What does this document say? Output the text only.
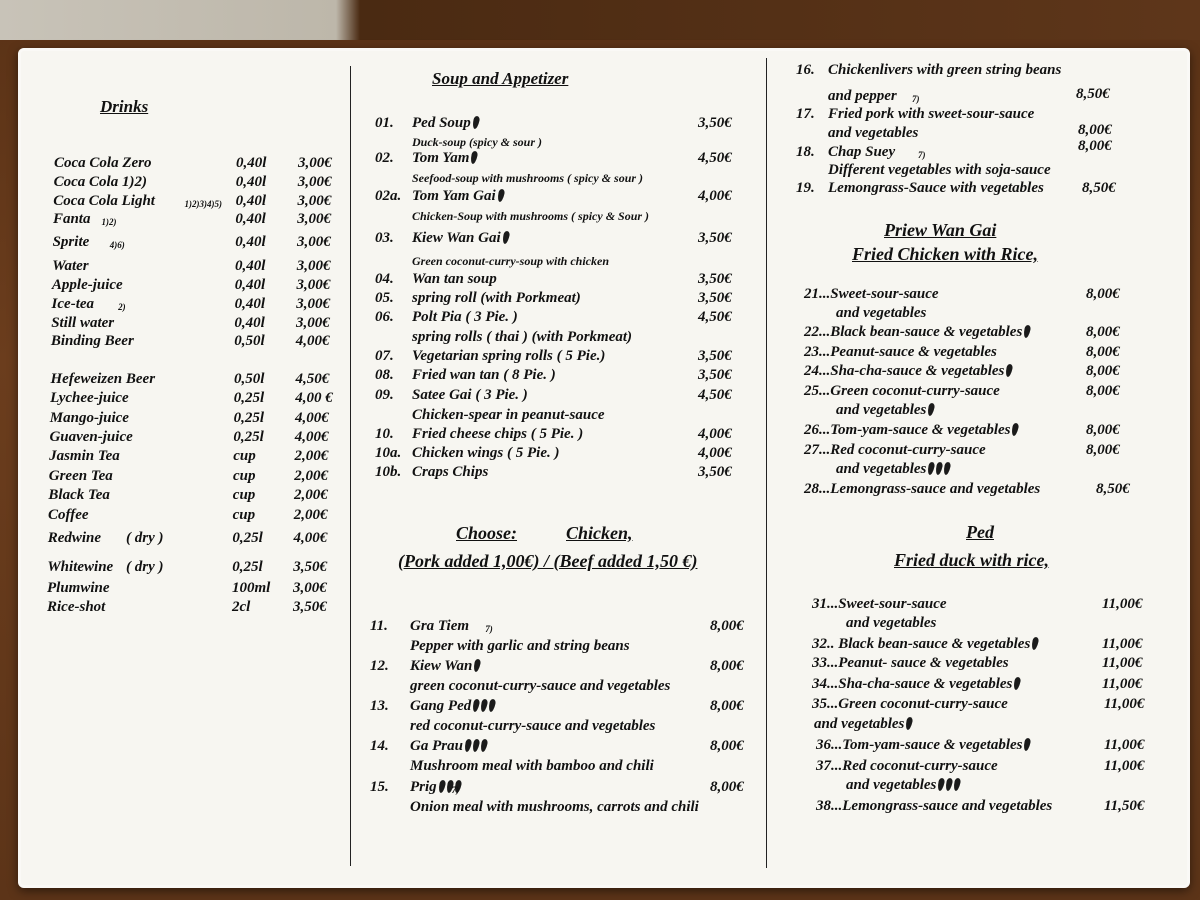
Drinks
Coca Cola Zero	0,40l 3,00€
Coca Cola 1)2)	0,40l 3,00€
Coca Cola Light	1)2)3)4)5) 0,40l 3,00€
Fanta 1)2)	0,40l 3,00€
Sprite 4)6)	0,40l 3,00€
Water	0,40l 3,00€
Apple-juice	0,40l 3,00€
Ice-tea	2)	0,40l 3,00€
Still water	0,40l 3,00€
Binding Beer	0,50l 4,00€
Hefeweizen Beer	0,50l 4,50€
Lychee-juice	0,25l 4,00 €
Mango-juice	0,25l 4,00€
Guaven-juice	0,25l 4,00€
Jasmin Tea	cup	2,00€
Green Tea	cup	2,00€
Black Tea	cup	2,00€
Coffee	cup	2,00€
Redwine ( dry )	0,25l 4,00€
Whitewine ( dry )	0,25l 3,50€
Plumwine	100ml 3,00€
Rice-shot	2cl	3,50€
Soup and Appetizer
01. Ped Soup	3,50€
Duck-soup (spicy & sour )
02. Tom Yam	4,50€
Seefood-soup with mushrooms ( spicy & sour )
02a. Tom Yam Gai	4,00€
Chicken-Soup with mushrooms ( spicy & Sour )
03. Kiew Wan Gai	3,50€
Green coconut-curry-soup with chicken
04. Wan tan soup	3,50€
05. spring roll (with Porkmeat)	3,50€
06. Polt Pia ( 3 Pie. )	4,50€
spring rolls ( thai ) (with Porkmeat)
07. Vegetarian spring rolls ( 5 Pie.)	3,50€
08. Fried wan tan ( 8 Pie. )	3,50€
09. Satee Gai ( 3 Pie. )	4,50€
Chicken-spear in peanut-sauce
10. Fried cheese chips ( 5 Pie. )	4,00€
10a. Chicken wings ( 5 Pie. )	4,00€
10b. Craps Chips	3,50€
Choose:	Chicken,
(Pork added 1,00€) / (Beef added 1,50 €)
11. Gra Tiem 7)	8,00€
Pepper with garlic and string beans
12. Kiew Wan	8,00€
green coconut-curry-sauce and vegetables
13. Gang Ped	8,00€
red coconut-curry-sauce and vegetables
14. Ga Prau	8,00€
Mushroom meal with bamboo and chili
15. Prig	7)	8,00€
Onion meal with mushrooms, carrots and chili
16. Chickenlivers with green string beans
and pepper 7)	8,50€
17. Fried pork with sweet-sour-sauce
and vegetables	8,00€
18. Chap Suey
Different vegetables with soja-sauce
7)
8,00€
19. Lemongrass-Sauce with vegetables	8,50€
Priew Wan Gai
Fried Chicken with Rice,
21...Sweet-sour-sauce
and vegetables
8,00€
22...Black bean-sauce & vegetables	8,00€
23...Peanut-sauce & vegetables	8,00€
24...Sha-cha-sauce & vegetables	8,00€
25...Green coconut-curry-sauce
and vegetables
8,00€
26...Tom-yam-sauce & vegetables	8,00€
27...Red coconut-curry-sauce
and vegetables
8,00€
28...Lemongrass-sauce and vegetables	8,50€
Ped
Fried duck with rice,
31...Sweet-sour-sauce
and vegetables
11,00€
32.. Black bean-sauce & vegetables	11,00€
33...Peanut- sauce & vegetables	11,00€
34...Sha-cha-sauce & vegetables	11,00€
35...Green coconut-curry-sauce
and vegetables
11,00€
36...Tom-yam-sauce & vegetables	11,00€
37...Red coconut-curry-sauce
and vegetables
11,00€
38...Lemongrass-sauce and vegetables	11,50€
